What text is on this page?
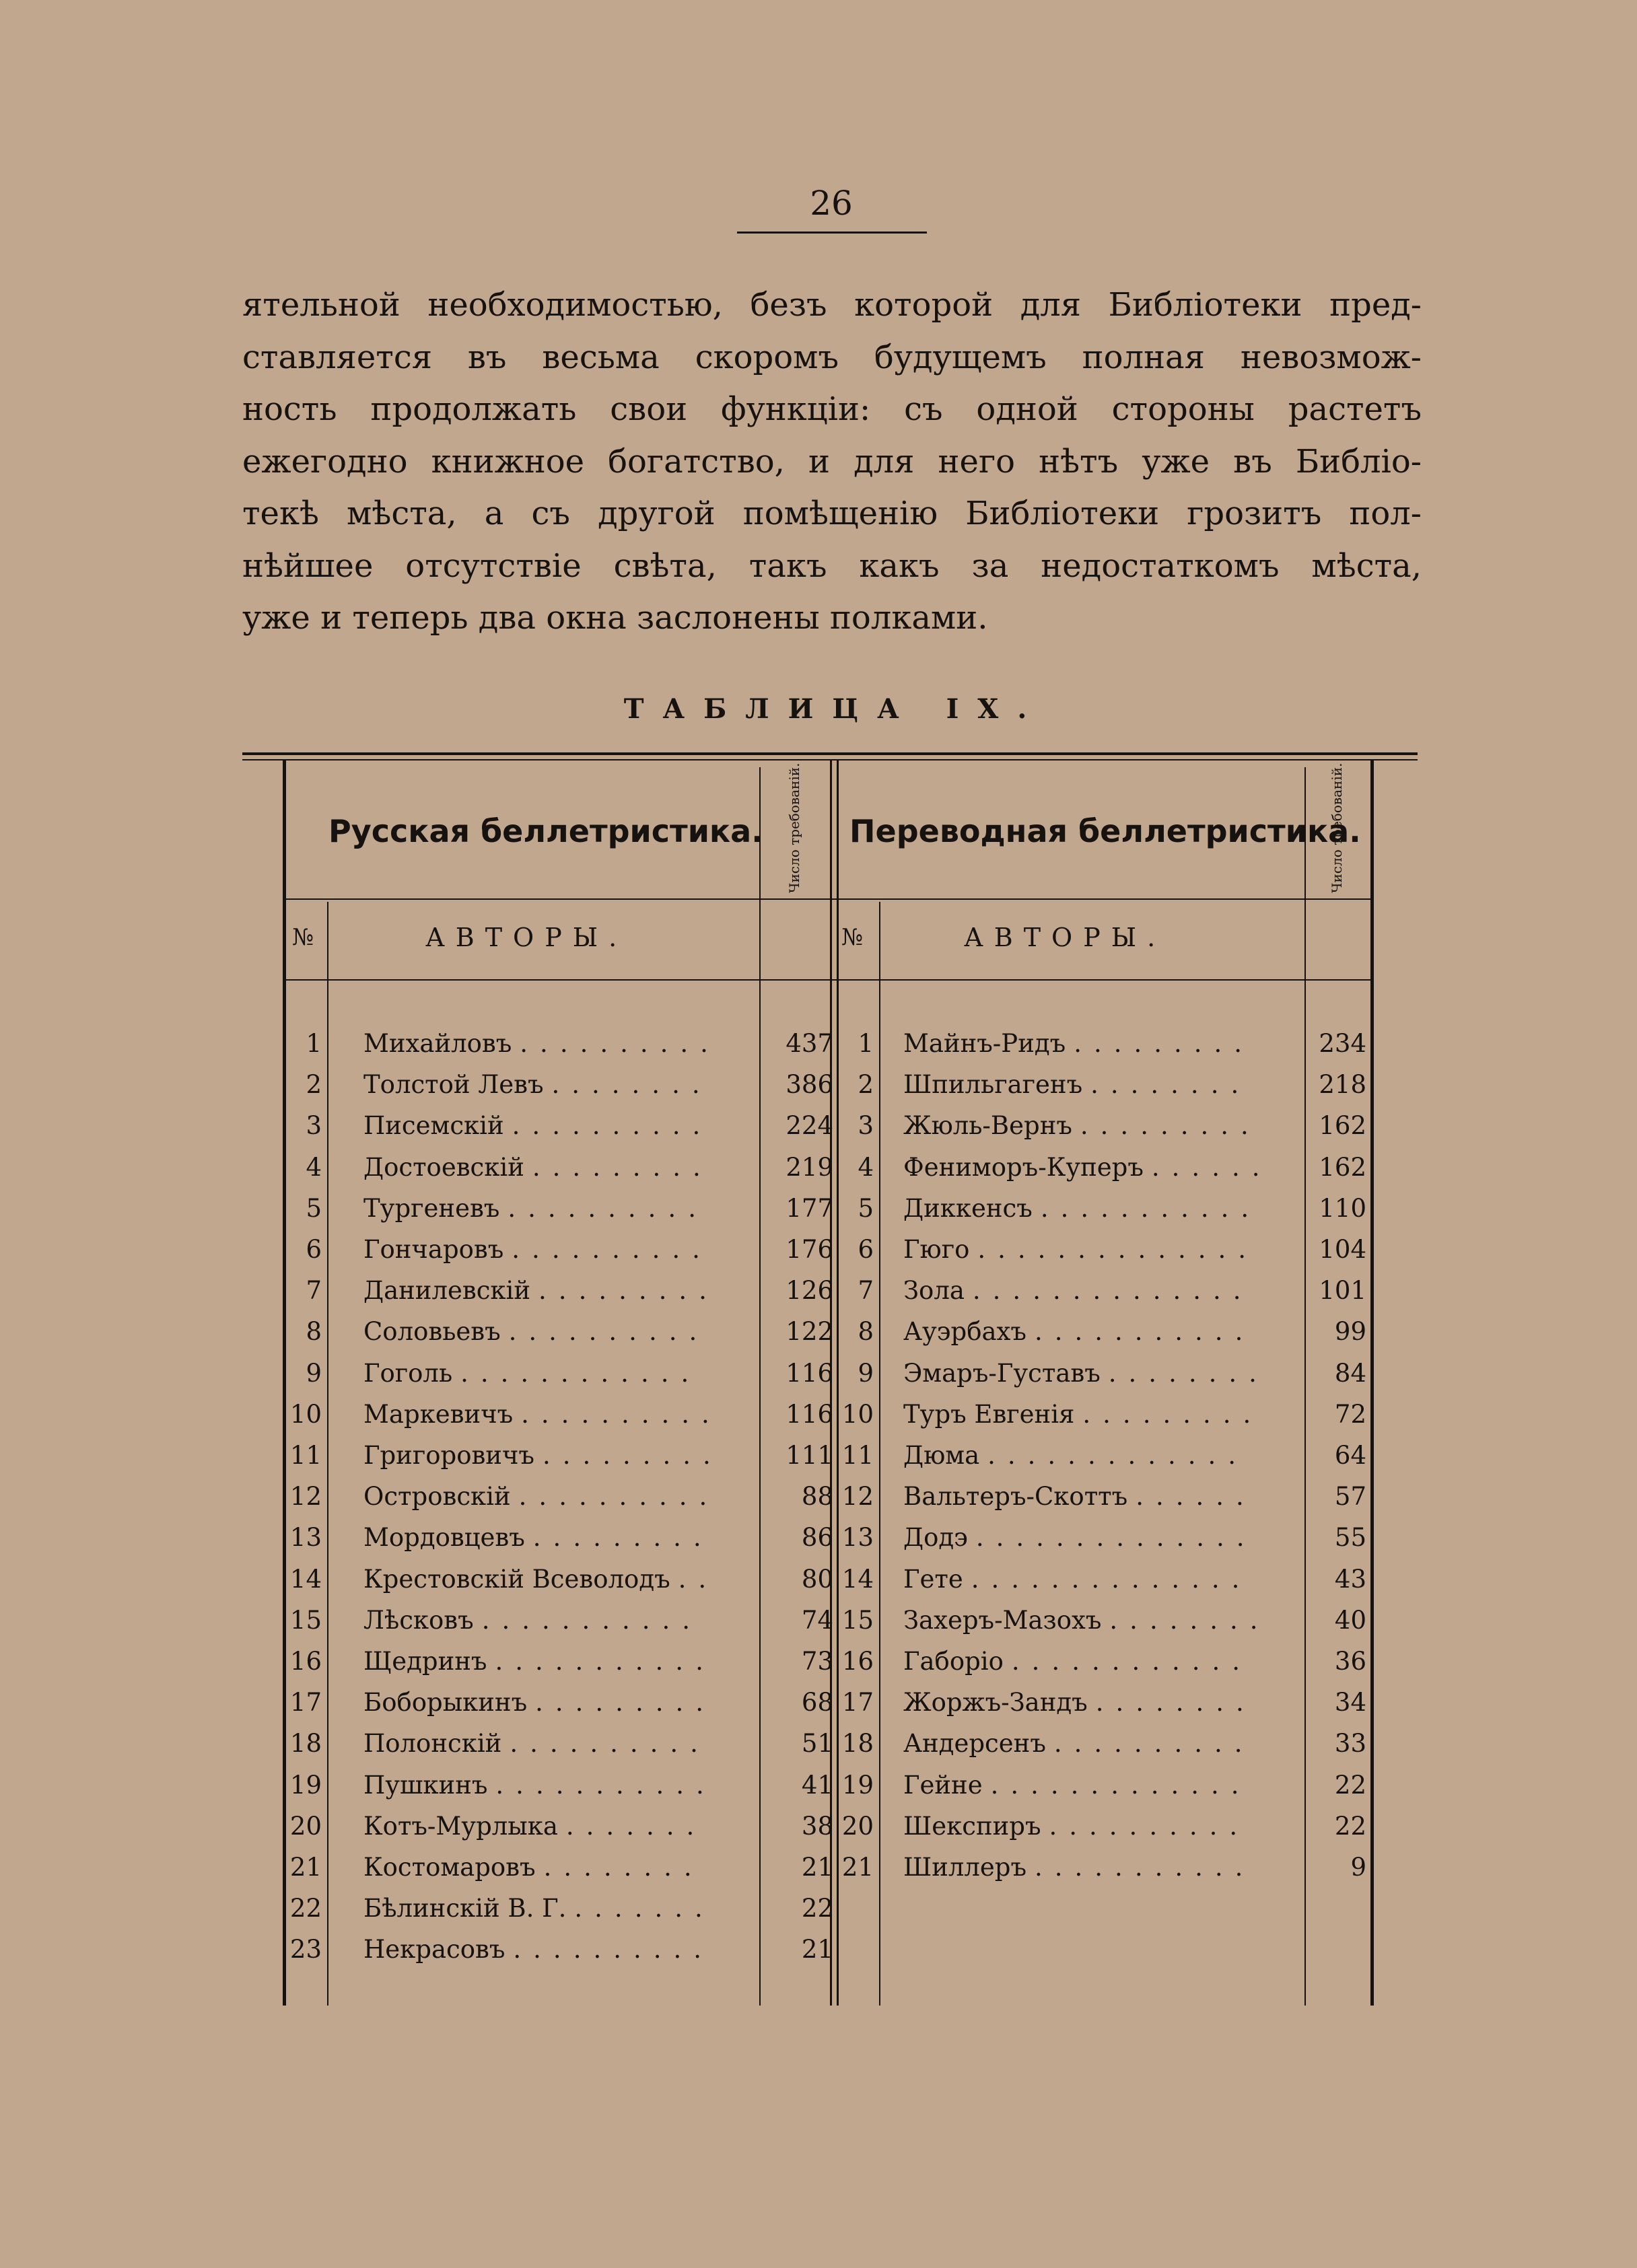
26
ятельной необходимостью, безъ которой для Библіотеки пред-
ставляется въ весьма скоромъ будущемъ полная невозмож-
ность продолжать свои функціи: съ одной стороны растетъ
ежегодно книжное богатство, и для него нѣтъ уже въ Библіо-
текѣ мѣста, а съ другой помѣщенію Библіотеки грозитъ пол-
нѣйшее отсутствіе свѣта, такъ какъ за недостаткомъ мѣста,
уже и теперь два окна заслонены полками.
ТАБЛИЦА IX.
Русская беллетристика.	Переводная беллетристика.
Число требованій.	Число требованій.
№	АВТОРЫ.	№	АВТОРЫ.
1 Михайловъ ..........	437 1 Майнъ-Ридъ .........	234
2 Толстой Левъ ........	386 2 Шпильгагенъ ........	218
3 Писемскій ..........	224 3 Жюль-Вернъ .........	162
4 Достоевскій .........	219 4 Фениморъ-Куперъ ......	162
5 Тургеневъ ..........	177 5 Диккенсъ ...........	110
6 Гончаровъ ..........	176 6 Гюго ..............	104
7 Данилевскій .........	126 7 Зола ..............	101
8 Соловьевъ ..........	122 8 Ауэрбахъ ...........	99
9 Гоголь ............	116 9 Эмаръ-Густавъ ........	84
10 Маркевичъ ..........	116 10 Туръ Евгенія .........	72
11 Григоровичъ .........	111 11 Дюма .............	64
12 Островскій ..........	88 12 Вальтеръ-Скоттъ ......	57
13 Мордовцевъ .........	86 13 Додэ ..............	55
14 Крестовскій Всеволодъ ..	80 14 Гете ..............	43
15 Лѣсковъ ...........	74 15 Захеръ-Мазохъ ........	40
16 Щедринъ ...........	73 16 Габоріо ............	36
17 Боборыкинъ .........	68 17 Жоржъ-Зандъ ........	34
18 Полонскій ..........	51 18 Андерсенъ ..........	33
19 Пушкинъ ...........	41 19 Гейне .............	22
20 Котъ-Мурлыка .......	38 20 Шекспиръ ..........	22
21 Костомаровъ ........	21 21 Шиллеръ ...........	9
22 Бѣлинскій В. Г. .......	22
23 Некрасовъ ..........	21
